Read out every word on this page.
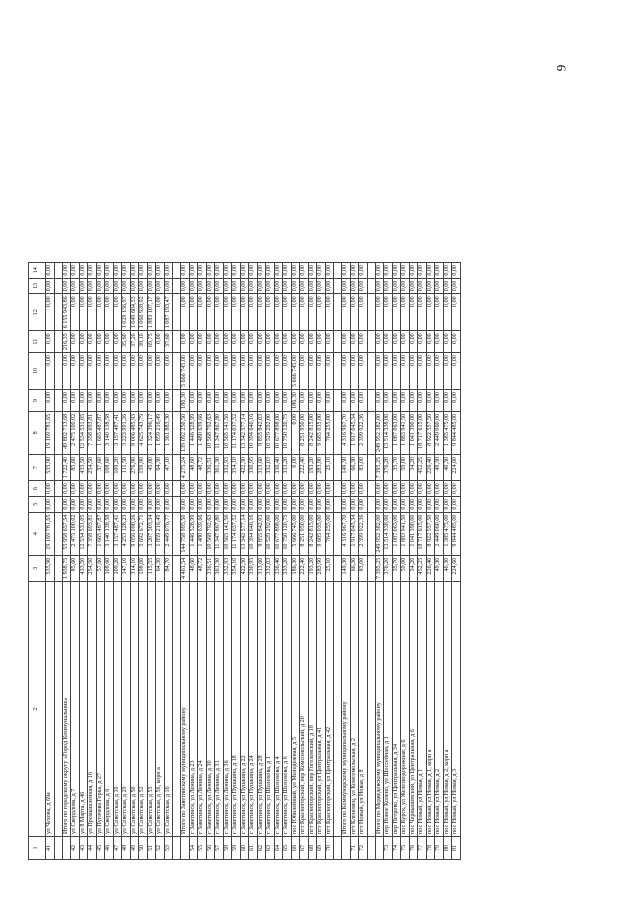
9
1	2	3	4	5	6	7	8	9	10	11	12	13	14
41	ул Чехова, д 69а	535,90	19 169 781,65	0,00	0,00	535,90	19 169 781,65	0,00	0,00	0,00	0,00	0,00	0,00

	Итого по городскому округу «Город Коммунальник»	1 938,75	55 958 657,54	0,00	0,00	1 722,40	49 802 713,68	0,00	0,00	216,35	6 155 943,86	0,00	0,00
42	ул Свердлова, д 7	85,60	2 475 100,02	0,00	0,00	85,60	2 475 100,02	0,00	0,00	0,00	0,00	0,00	0,00
43	ул 8 Марта, д 46	433,50	12 534 531,05	0,00	0,00	433,50	12 534 531,05	0,00	0,00	0,00	0,00	0,00	0,00
44	ул Промышленная, д 16	254,50	7 358 693,81	0,00	0,00	254,50	7 358 693,81	0,00	0,00	0,00	0,00	0,00	0,00
45	ул Пугачева Горка, д 27	57,60	1 665 487,87	0,00	0,00	57,60	1 665 487,87	0,00	0,00	0,00	0,00	0,00	0,00
46	ул Свердлова, д 6	108,60	3 140 138,58	0,00	0,00	108,60	3 140 138,58	0,00	0,00	0,00	0,00	0,00	0,00
47	ул Советская, д 10	109,20	3 157 487,41	0,00	0,00	109,20	3 157 487,41	0,00	0,00	0,00	0,00	0,00	0,00
48	ул Советская, д 29	147,10	4 253 128,23	0,00	0,00	111,50	3 223 991,26	0,00	0,00	35,60	1 029 136,97	0,00	0,00
49	ул Советская, д 50	314,10	9 056 090,26	0,00	0,00	276,90	8 006 485,93	0,00	0,00	37,20	1 049 604,33	0,00	0,00
50	ул Советская, д 52	198,00	5 692 672,71	0,00	0,00	159,90	4 625 743,79	0,00	0,00	38,10	1 066 928,92	0,00	0,00
51	ул Советская, д 55	115,55	3 207 503,34	0,00	0,00	45,80	1 324 396,17	0,00	0,00	69,75	1 883 107,17	0,00	0,00
52	ул Советская, д 56, корп а	64,30	1 859 216,49	0,00	0,00	64,30	1 859 216,49	0,00	0,00	0,00	0,00	0,00	0,00
53	ул Советская, д 16	84,70	2 449 076,77	0,00	0,00	47,10	1 361 883,30	0,00	0,00	37,60	1 087 193,47	0,00	0,00

	Итого по Заветинскому муниципальному району	4 461,54	144 758 995,50	0,00	0,00	4 275,24	139 092 250,50	186,30	5 666 745,00	0,00	0,00	0,00	0,00
54	г Заветинск, ул Ленина, д 23	48,60	1 446 528,99	0,00	0,00	48,60	1 446 528,99	0,00	0,00	0,00	0,00	0,00	0,00
55	г Заветинск, ул Ленина, д 24	48,72	1 480 639,66	0,00	0,00	48,72	1 480 639,66	0,00	0,00	0,00	0,00	0,00	0,00
56	г Заветинск, ул Ленина, д 30	336,51	10 568 792,63	0,00	0,00	336,51	10 568 792,63	0,00	0,00	0,00	0,00	0,00	0,00
57	г Заветинск, ул Ленина, д 31	361,30	11 347 867,80	0,00	0,00	361,30	11 347 867,80	0,00	0,00	0,00	0,00	0,00	0,00
58	г Заветинск, ул Ленина, д 36	332,93	10 565 141,56	0,00	0,00	332,93	10 565 141,56	0,00	0,00	0,00	0,00	0,00	0,00
59	г Заветинск, ул Пушкина, д 18	354,10	11 174 037,52	0,00	0,00	354,10	11 174 037,52	0,00	0,00	0,00	0,00	0,00	0,00
60	г Заветинск, ул Пушкина, д 22	422,30	13 342 577,14	0,00	0,00	422,30	13 342 577,14	0,00	0,00	0,00	0,00	0,00	0,00
61	г Заветинск, ул Пушкина, д 24	330,95	10 394 646,16	0,00	0,00	330,95	10 394 646,16	0,00	0,00	0,00	0,00	0,00	0,00
62	г Заветинск, ул Пушкина, д 28	313,60	9 855 842,03	0,00	0,00	313,60	9 855 842,03	0,00	0,00	0,00	0,00	0,00	0,00
63	г Заветинск, ул Шолохова, д 1	332,03	10 529 292,00	0,00	0,00	332,03	10 529 292,00	0,00	0,00	0,00	0,00	0,00	0,00
64	г Заветинск, ул Шолохова, д 4	336,40	10 677 898,00	0,00	0,00	336,40	10 677 898,00	0,00	0,00	0,00	0,00	0,00	0,00
65	г Заветинск, ул Шолохова, д 6	333,20	10 750 120,75	0,00	0,00	333,20	10 750 120,75	0,00	0,00	0,00	0,00	0,00	0,00
66	пос Юбилейный, ул Молодежная, д 5	186,30	5 666 745,00	0,00	0,00	0,00	0,00	186,30	5 666 745,00	0,00	0,00	0,00	0,00
67	пгт Красногорский, пер Комсомольский, д 20	222,40	8 251 950,00	0,00	0,00	222,40	8 251 950,00	0,00	0,00	0,00	0,00	0,00	0,00
68	пгт Красногорский, пер Гоголевский, д 18	193,20	8 242 815,00	0,00	0,00	193,20	8 242 815,00	0,00	0,00	0,00	0,00	0,00	0,00
69	пгт Красногорский, ул Центральная, д 41	283,90	9 685 035,00	0,00	0,00	283,90	9 685 035,00	0,00	0,00	0,00	0,00	0,00	0,00
70	пгт Красногорский, ул Центральная, д 42	25,10	764 255,00	0,00	0,00	25,10	764 255,00	0,00	0,00	0,00	0,00	0,00	0,00

	Итого по Коммунарскому муниципальному району	149,30	4 316 967,70	0,00	0,00	149,30	4 316 967,70	0,00	0,00	0,00	0,00	0,00	0,00
71	пгт Кленовец, ул Комсомольская, д 2	66,30	1 917 045,34	0,00	0,00	66,30	1 917 045,34	0,00	0,00	0,00	0,00	0,00	0,00
72	пгт Новый, ул Новая, д 8	83,00	2 399 922,36	0,00	0,00	83,00	2 399 922,36	0,00	0,00	0,00	0,00	0,00	0,00

	Итого по Медведовскому муниципальному району	7 395,25	249 952 382,00	0,00	0,00	7 395,25	249 952 382,00	0,00	0,00	0,00	0,00	0,00	0,00
73	пер Новое Колено, ул Шоссейная, д 1	376,20	13 514 338,00	0,00	0,00	376,20	13 514 338,00	0,00	0,00	0,00	0,00	0,00	0,00
74	пер Петрово, ул Центральная, д 34	35,70	1 087 063,00	0,00	0,00	35,70	1 087 063,00	0,00	0,00	0,00	0,00	0,00	0,00
75	пос Курск, ул Железнодорожная, д 6	59,00	1 883 941,50	0,00	0,00	59,00	1 883 941,50	0,00	0,00	0,00	0,00	0,00	0,00
76	пос Чернышевский, ул Центральная, д 6	34,20	1 041 390,00	0,00	0,00	34,20	1 041 390,00	0,00	0,00	0,00	0,00	0,00	0,00
77	пос Новый, ул Новая, д 1	452,25	18 717 615,00	0,00	0,00	452,25	18 717 615,00	0,00	0,00	0,00	0,00	0,00	0,00
78	пос Новый, ул Новая, д 1, корп а	226,40	8 922 557,50	0,00	0,00	226,40	8 922 557,50	0,00	0,00	0,00	0,00	0,00	0,00
79	пос Новый, ул Новая, д 2	49,30	2 449 060,00	0,00	0,00	49,30	2 449 060,00	0,00	0,00	0,00	0,00	0,00	0,00
80	пос Новый, ул Новая, д 2, корп а	40,30	1 385 475,00	0,00	0,00	40,30	1 385 475,00	0,00	0,00	0,00	0,00	0,00	0,00
81	пос Новый, ул Новая, д 3	224,60	9 844 485,00	0,00	0,00	224,60	9 844 485,00	0,00	0,00	0,00	0,00	0,00	0,00
